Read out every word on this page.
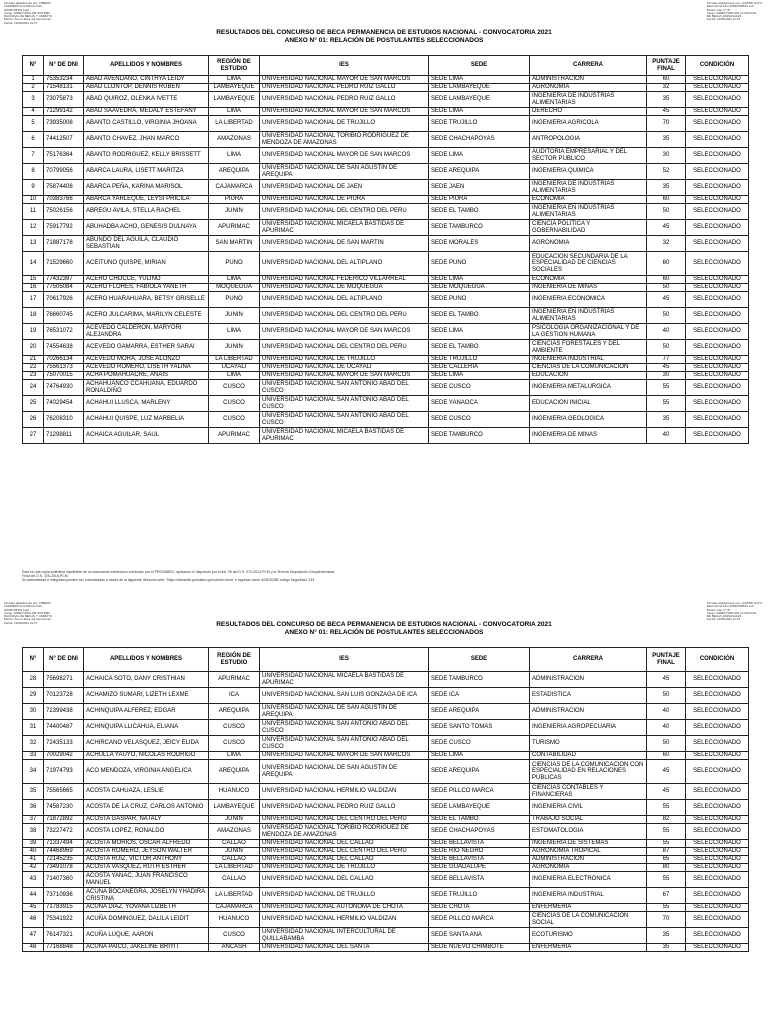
Firmado digitalmente por: TIBERIO
CONDEZO Luis Alfredo FAU
20546798152 hard
Cargo: DIRECTORA DE SISTEMA
NACIONAL DE BECAS Y CRÉDITO
Motivo: Soy el autor del documento
Fecha: 13/05/2021 21:27
Firmado digitalmente por: QUISPE JOYO
Elsa Karina FAU 20546798152 soft
Motivo: Doy V° B°
Cargo: DIRECTORA DE LA OFICINA
DE BECAS ESPECIALES
Fecha: 13/05/2021 21:15
RESULTADOS DEL CONCURSO DE BECA PERMANENCIA DE ESTUDIOS NACIONAL - CONVOCATORIA 2021
ANEXO N° 01: RELACIÓN DE POSTULANTES SELECCIONADOS
N°	N° DE DNI	APELLIDOS Y NOMBRES	REGIÓN DE ESTUDIO	IES	SEDE	CARRERA	PUNTAJE FINAL	CONDICIÓN
1	75353234	ABAD AVENDAÑO, CINTHYA LEIDY	LIMA	UNIVERSIDAD NACIONAL MAYOR DE SAN MARCOS	SEDE LIMA	ADMINISTRACION	60	SELECCIONADO
2	71548131	ABAD LLONTOP, DENNIS RUBEN	LAMBAYEQUE	UNIVERSIDAD NACIONAL PEDRO RUIZ GALLO	SEDE LAMBAYEQUE	AGRONOMIA	32	SELECCIONADO
3	73075873	ABAD QUIROZ, OLENKA IVETTE	LAMBAYEQUE	UNIVERSIDAD NACIONAL PEDRO RUIZ GALLO	SEDE LAMBAYEQUE	INGENIERIA DE INDUSTRIAS ALIMENTARIAS	35	SELECCIONADO
4	71299142	ABAD SAAVEDRA, MEDALY ESTEFANY	LIMA	UNIVERSIDAD NACIONAL MAYOR DE SAN MARCOS	SEDE LIMA	DERECHO	45	SELECCIONADO
5	73935008	ABANTO CASTILLO, VIRGINIA JHOANA	LA LIBERTAD	UNIVERSIDAD NACIONAL DE TRUJILLO	SEDE TRUJILLO	INGENIERIA AGRICOLA	70	SELECCIONADO
6	74412507	ABANTO CHAVEZ, JHAN MARCO	AMAZONAS	UNIVERSIDAD NACIONAL TORIBIO RODRIGUEZ DE MENDOZA DE AMAZONAS	SEDE CHACHAPOYAS	ANTROPOLOGIA	35	SELECCIONADO
7	75176364	ABANTO RODRIGUEZ, KELLY BRISSETT	LIMA	UNIVERSIDAD NACIONAL MAYOR DE SAN MARCOS	SEDE LIMA	AUDITORIA EMPRESARIAL Y DEL SECTOR PUBLICO	30	SELECCIONADO
8	70799056	ABARCA LAURA, LISETT MARITZA	AREQUIPA	UNIVERSIDAD NACIONAL DE SAN AGUSTIN DE AREQUIPA	SEDE AREQUIPA	INGENIERIA QUIMICA	52	SELECCIONADO
9	75874408	ABARCA PEÑA, KARINA MARISOL	CAJAMARCA	UNIVERSIDAD NACIONAL DE JAEN	SEDE JAEN	INGENIERIA DE INDUSTRIAS ALIMENTARIAS	35	SELECCIONADO
10	70383766	ABARCA YARLEQUE, LEYSI PRICILA	PIURA	UNIVERSIDAD NACIONAL DE PIURA	SEDE PIURA	ECONOMIA	60	SELECCIONADO
11	75026156	ABREGU AVILA, STELLA RACHEL	JUNIN	UNIVERSIDAD NACIONAL DEL CENTRO DEL PERU	SEDE EL TAMBO	INGENIERIA EN INDUSTRIAS ALIMENTARIAS	50	SELECCIONADO
12	75917792	ABUHADBA ACHO, GENESIS DULNAYA	APURIMAC	UNIVERSIDAD NACIONAL MICAELA BASTIDAS DE APURIMAC	SEDE TAMBURCO	CIENCIA POLITICA Y GOBERNABILIDAD	45	SELECCIONADO
13	71887178	ABUNDO DEL AGUILA, CLAUDIO SEBASTIAN	SAN MARTIN	UNIVERSIDAD NACIONAL DE SAN MARTIN	SEDE MORALES	AGRONOMIA	32	SELECCIONADO
14	71529660	ACEITUNO QUISPE, MIRIAN	PUNO	UNIVERSIDAD NACIONAL DEL ALTIPLANO	SEDE PUNO	EDUCACION SECUNDARIA DE LA ESPECIALIDAD DE CIENCIAS SOCIALES	60	SELECCIONADO
15	77432397	ACERO CHOCCE, YULIÑO	LIMA	UNIVERSIDAD NACIONAL FEDERICO VILLARREAL	SEDE LIMA	ECONOMIA	60	SELECCIONADO
16	77505084	ACERO FLORES, FABIOLA YANETH	MOQUEGUA	UNIVERSIDAD NACIONAL DE MOQUEGUA	SEDE MOQUEGUA	INGENIERIA DE MINAS	50	SELECCIONADO
17	70617926	ACERO HUARAHUARA, BETSY GRISELLE	PUNO	UNIVERSIDAD NACIONAL DEL ALTIPLANO	SEDE PUNO	INGENIERIA ECONOMICA	45	SELECCIONADO
18	76660745	ACERO JULCARIMA, MARILYN CELESTE	JUNIN	UNIVERSIDAD NACIONAL DEL CENTRO DEL PERU	SEDE EL TAMBO	INGENIERIA EN INDUSTRIAS ALIMENTARIAS	50	SELECCIONADO
19	76531072	ACEVEDO CALDERON, MARYORI ALEJANDRA	LIMA	UNIVERSIDAD NACIONAL MAYOR DE SAN MARCOS	SEDE LIMA	PSICOLOGIA ORGANIZACIONAL Y DE LA GESTION HUMANA	40	SELECCIONADO
20	74554638	ACEVEDO GAMARRA, ESTHER SARAI	JUNIN	UNIVERSIDAD NACIONAL DEL CENTRO DEL PERU	SEDE EL TAMBO	CIENCIAS FORESTALES Y DEL AMBIENTE	50	SELECCIONADO
21	70266134	ACEVEDO MORA, JOSE ALONZO	LA LIBERTAD	UNIVERSIDAD NACIONAL DE TRUJILLO	SEDE TRUJILLO	INGENIERIA INDUSTRIAL	77	SELECCIONADO
22	75561373	ACEVEDO ROMERO, LISETH YALINA	UCAYALI	UNIVERSIDAD NACIONAL DE UCAYALI	SEDE CALLERIA	CIENCIAS DE LA COMUNICACION	45	SELECCIONADO
23	75070015	ACHA POMAHUACRE, ANAIS	LIMA	UNIVERSIDAD NACIONAL MAYOR DE SAN MARCOS	SEDE LIMA	EDUCACION	30	SELECCIONADO
24	74764930	ACHAHUANCO CCAHUANA, EDUARDO RONALDIÑO	CUSCO	UNIVERSIDAD NACIONAL SAN ANTONIO ABAD DEL CUSCO	SEDE CUSCO	INGENIERIA METALURGICA	55	SELECCIONADO
25	74029454	ACHAHUI LLUSCA, MARLENY	CUSCO	UNIVERSIDAD NACIONAL SAN ANTONIO ABAD DEL CUSCO	SEDE YANAOCA	EDUCACION INICIAL	55	SELECCIONADO
26	76208310	ACHAHUI QUISPE, LUZ MARBELIA	CUSCO	UNIVERSIDAD NACIONAL SAN ANTONIO ABAD DEL CUSCO	SEDE CUSCO	INGENIERIA GEOLOGICA	35	SELECCIONADO
27	71298811	ACHAICA AGUILAR, SAUL	APURIMAC	UNIVERSIDAD NACIONAL MICAELA BASTIDAS DE APURIMAC	SEDE TAMBURCO	INGENIERIA DE MINAS	40	SELECCIONADO
Esta es una copia auténtica imprimible de un documento electrónico archivado por el PRONABEC, aplicando lo dispuesto por el Art. 25 del D.S. 070-2013-PCM y la Tercera Disposición Complementaria
Final del D.S. 026-2016-PCM.
Su autenticidad e integridad pueden ser contrastadas a través de la siguiente dirección web: "https://sitramite.pronabec.gob.pe/sin-firma" e ingresar clave: 8J2E5CBB código seguridad: 233
Firmado digitalmente por: TIBERIO
CONDEZO Luis Alfredo FAU
20546798152 hard
Cargo: DIRECTORA DE SISTEMA
NACIONAL DE BECAS Y CRÉDITO
Motivo: Soy el autor del documento
Fecha: 13/05/2021 21:27
Firmado digitalmente por: QUISPE JOYO
Elsa Karina FAU 20546798152 soft
Motivo: Doy V° B°
Cargo: DIRECTORA DE LA OFICINA
DE BECAS ESPECIALES
Fecha: 13/05/2021 21:15
RESULTADOS DEL CONCURSO DE BECA PERMANENCIA DE ESTUDIOS NACIONAL - CONVOCATORIA 2021
ANEXO N° 01: RELACIÓN DE POSTULANTES SELECCIONADOS
N°	N° DE DNI	APELLIDOS Y NOMBRES	REGIÓN DE ESTUDIO	IES	SEDE	CARRERA	PUNTAJE FINAL	CONDICIÓN
28	75698271	ACHAICA SOTO, DANY CRISTHIAN	APURIMAC	UNIVERSIDAD NACIONAL MICAELA BASTIDAS DE APURIMAC	SEDE TAMBURCO	ADMINISTRACION	45	SELECCIONADO
29	70123728	ACHAMIZO SUMARI, LIZETH LEXME	ICA	UNIVERSIDAD NACIONAL SAN LUIS GONZAGA DE ICA	SEDE ICA	ESTADISTICA	50	SELECCIONADO
30	72399438	ACHINQUIPA ALFEREZ, EDGAR	AREQUIPA	UNIVERSIDAD NACIONAL DE SAN AGUSTIN DE AREQUIPA	SEDE AREQUIPA	ADMINISTRACION	40	SELECCIONADO
31	74400487	ACHINQUIPA LLICAHUA, ELIANA	CUSCO	UNIVERSIDAD NACIONAL SAN ANTONIO ABAD DEL CUSCO	SEDE SANTO TOMAS	INGENIERIA AGROPECUARIA	40	SELECCIONADO
32	72435133	ACHIRCANO VELASQUEZ, JEICY ELIDA	CUSCO	UNIVERSIDAD NACIONAL SAN ANTONIO ABAD DEL CUSCO	SEDE CUSCO	TURISMO	50	SELECCIONADO
33	70029042	ACHULLA YAUYO, NICOLAS RODRIGO	LIMA	UNIVERSIDAD NACIONAL MAYOR DE SAN MARCOS	SEDE LIMA	CONTABILIDAD	60	SELECCIONADO
34	71974793	ACO MENDOZA, VIRGINIA ANGELICA	AREQUIPA	UNIVERSIDAD NACIONAL DE SAN AGUSTIN DE AREQUIPA	SEDE AREQUIPA	CIENCIAS DE LA COMUNICACION CON ESPECIALIDAD EN RELACIONES PUBLICAS	45	SELECCIONADO
35	75565665	ACOSTA CAHUAZA, LESLIE	HUANUCO	UNIVERSIDAD NACIONAL HERMILIO VALDIZAN	SEDE PILLCO MARCA	CIENCIAS CONTABLES Y FINANCIERAS	45	SELECCIONADO
36	74587230	ACOSTA DE LA CRUZ, CARLOS ANTONIO	LAMBAYEQUE	UNIVERSIDAD NACIONAL PEDRO RUIZ GALLO	SEDE LAMBAYEQUE	INGENIERIA CIVIL	55	SELECCIONADO
37	71872892	ACOSTA GASPAR, NATALY	JUNIN	UNIVERSIDAD NACIONAL DEL CENTRO DEL PERU	SEDE EL TAMBO	TRABAJO SOCIAL	82	SELECCIONADO
38	73227472	ACOSTA LOPEZ, RONALDO	AMAZONAS	UNIVERSIDAD NACIONAL TORIBIO RODRIGUEZ DE MENDOZA DE AMAZONAS	SEDE CHACHAPOYAS	ESTOMATOLOGIA	55	SELECCIONADO
39	71337494	ACOSTA MORIOS, OSCAR ALFREDO	CALLAO	UNIVERSIDAD NACIONAL DEL CALLAO	SEDE BELLAVISTA	INGENIERIA DE SISTEMAS	55	SELECCIONADO
40	74468969	ACOSTA ROMERO, JEYSON WALTER	JUNIN	UNIVERSIDAD NACIONAL DEL CENTRO DEL PERU	SEDE RIO NEGRO	AGRONOMIA TROPICAL	87	SELECCIONADO
41	72145235	ACOSTA RUIZ, VICTOR ANTHONY	CALLAO	UNIVERSIDAD NACIONAL DEL CALLAO	SEDE BELLAVISTA	ADMINISTRACION	65	SELECCIONADO
42	73491078	ACOSTA VASQUEZ, RUTH ESTHER	LA LIBERTAD	UNIVERSIDAD NACIONAL DE TRUJILLO	SEDE GUADALUPE	AGRONOMIA	80	SELECCIONADO
43	71407360	ACOSTA YANAC, JUAN FRANCISCO MANUEL	CALLAO	UNIVERSIDAD NACIONAL DEL CALLAO	SEDE BELLAVISTA	INGENIERIA ELECTRONICA	55	SELECCIONADO
44	73710936	ACUÑA BOCANEGRA, JOSELYN YHADIRA CRISTINA	LA LIBERTAD	UNIVERSIDAD NACIONAL DE TRUJILLO	SEDE TRUJILLO	INGENIERIA INDUSTRIAL	67	SELECCIONADO
45	71783915	ACUÑA DIAZ, YOVANA LIZBETH	CAJAMARCA	UNIVERSIDAD NACIONAL AUTONOMA DE CHOTA	SEDE CHOTA	ENFERMERIA	55	SELECCIONADO
46	75341922	ACUÑA DOMINGUEZ, DALILA LEIDIT	HUANUCO	UNIVERSIDAD NACIONAL HERMILIO VALDIZAN	SEDE PILLCO MARCA	CIENCIAS DE LA COMUNICACION SOCIAL	70	SELECCIONADO
47	76147321	ACUÑA LUQUE, AARON	CUSCO	UNIVERSIDAD NACIONAL INTERCULTURAL DE QUILLABAMBA	SEDE SANTA ANA	ECOTURISMO	35	SELECCIONADO
48	77168848	ACUÑA PAICO, JAKELINE BRIYIT	ANCASH	UNIVERSIDAD NACIONAL DEL SANTA	SEDE NUEVO CHIMBOTE	ENFERMERIA	35	SELECCIONADO
